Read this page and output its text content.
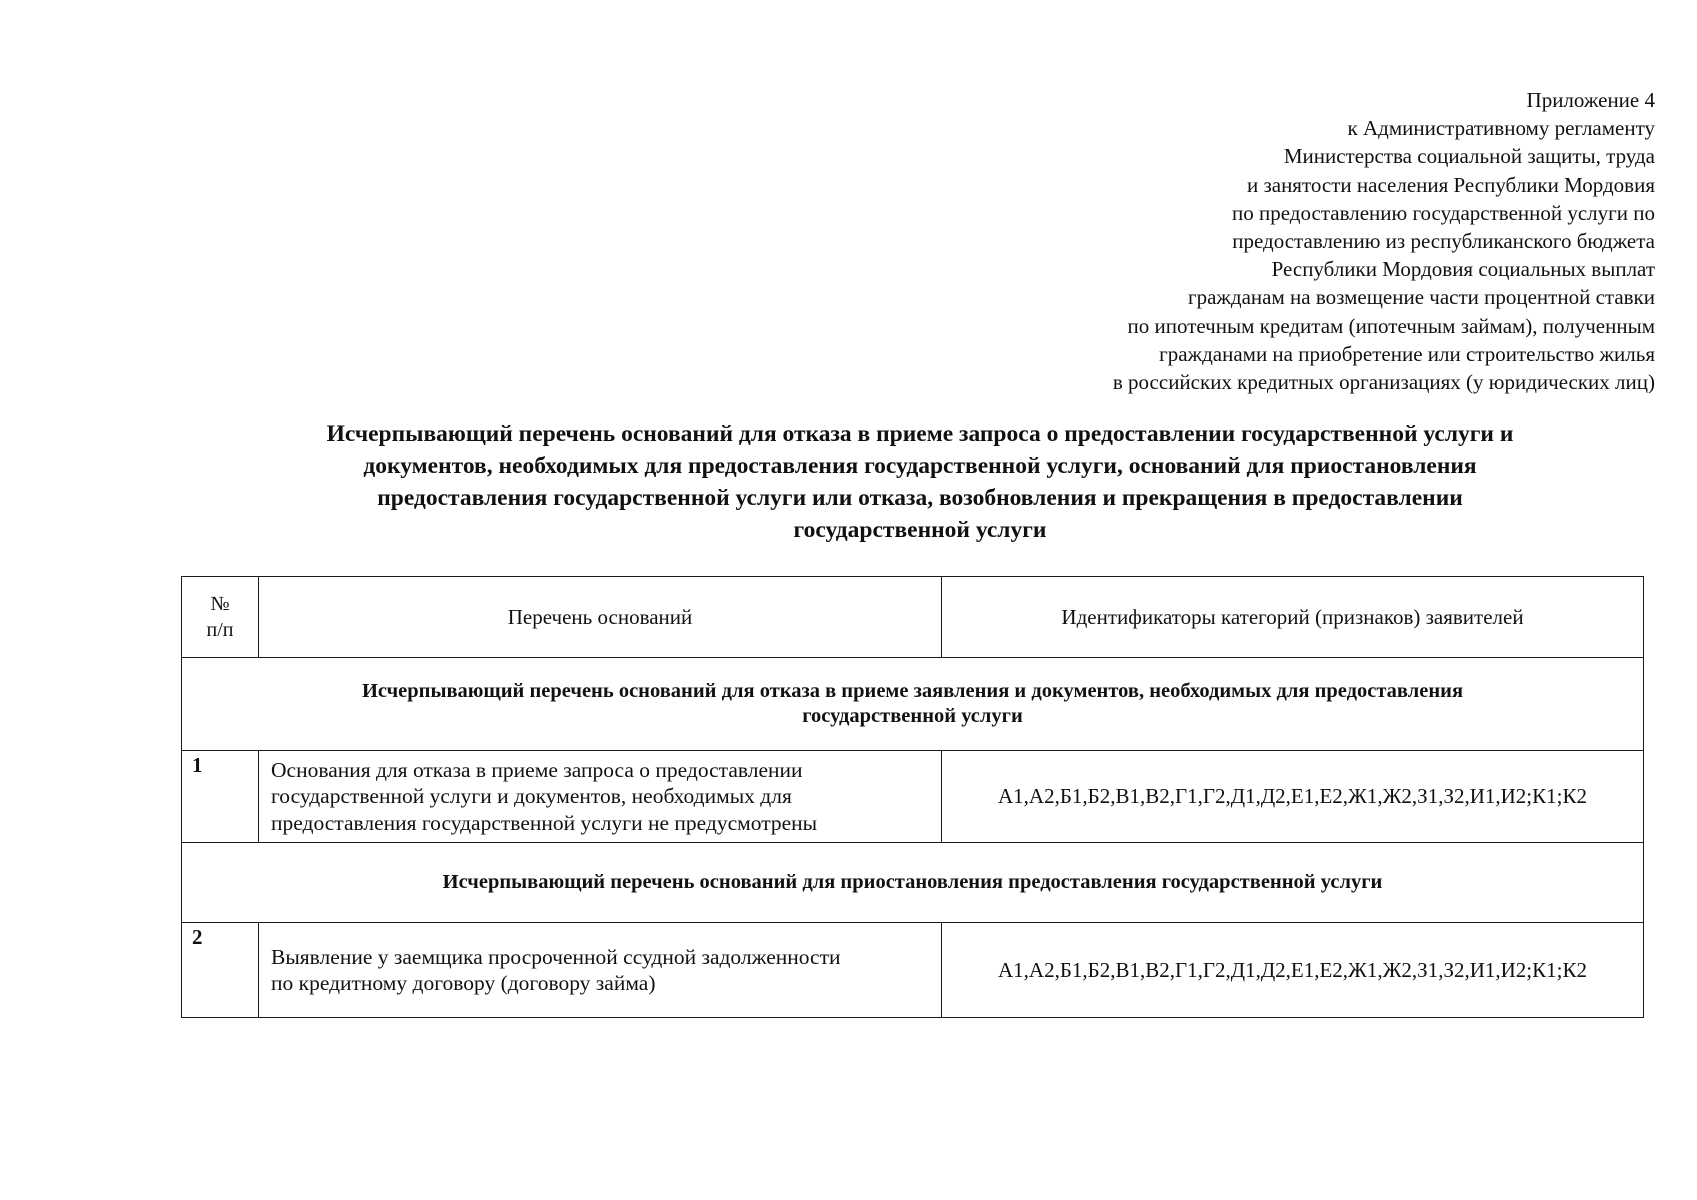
Приложение 4
к Административному регламенту
Министерства социальной защиты, труда
и занятости населения Республики Мордовия
по предоставлению государственной услуги по
предоставлению из республиканского бюджета
Республики Мордовия социальных выплат
гражданам на возмещение части процентной ставки
по ипотечным кредитам (ипотечным займам), полученным
гражданами на приобретение или строительство жилья
в российских кредитных организациях (у юридических лиц)
Исчерпывающий перечень оснований для отказа в приеме запроса о предоставлении государственной услуги и
документов, необходимых для предоставления государственной услуги, оснований для приостановления
предоставления государственной услуги или отказа, возобновления и прекращения в предоставлении
государственной услуги
№
п/п	Перечень оснований	Идентификаторы категорий (признаков) заявителей

Исчерпывающий перечень оснований для отказа в приеме заявления и документов, необходимых для предоставления
государственной услуги		

1	Основания для отказа в приеме запроса о предоставлении
государственной услуги и документов, необходимых для
предоставления государственной услуги не предусмотрены	А1,А2,Б1,Б2,В1,В2,Г1,Г2,Д1,Д2,Е1,Е2,Ж1,Ж2,З1,З2,И1,И2;К1;К2

Исчерпывающий перечень оснований для приостановления предоставления государственной услуги		

2	Выявление у заемщика просроченной ссудной задолженности
по кредитному договору (договору займа)	А1,А2,Б1,Б2,В1,В2,Г1,Г2,Д1,Д2,Е1,Е2,Ж1,Ж2,З1,З2,И1,И2;К1;К2
